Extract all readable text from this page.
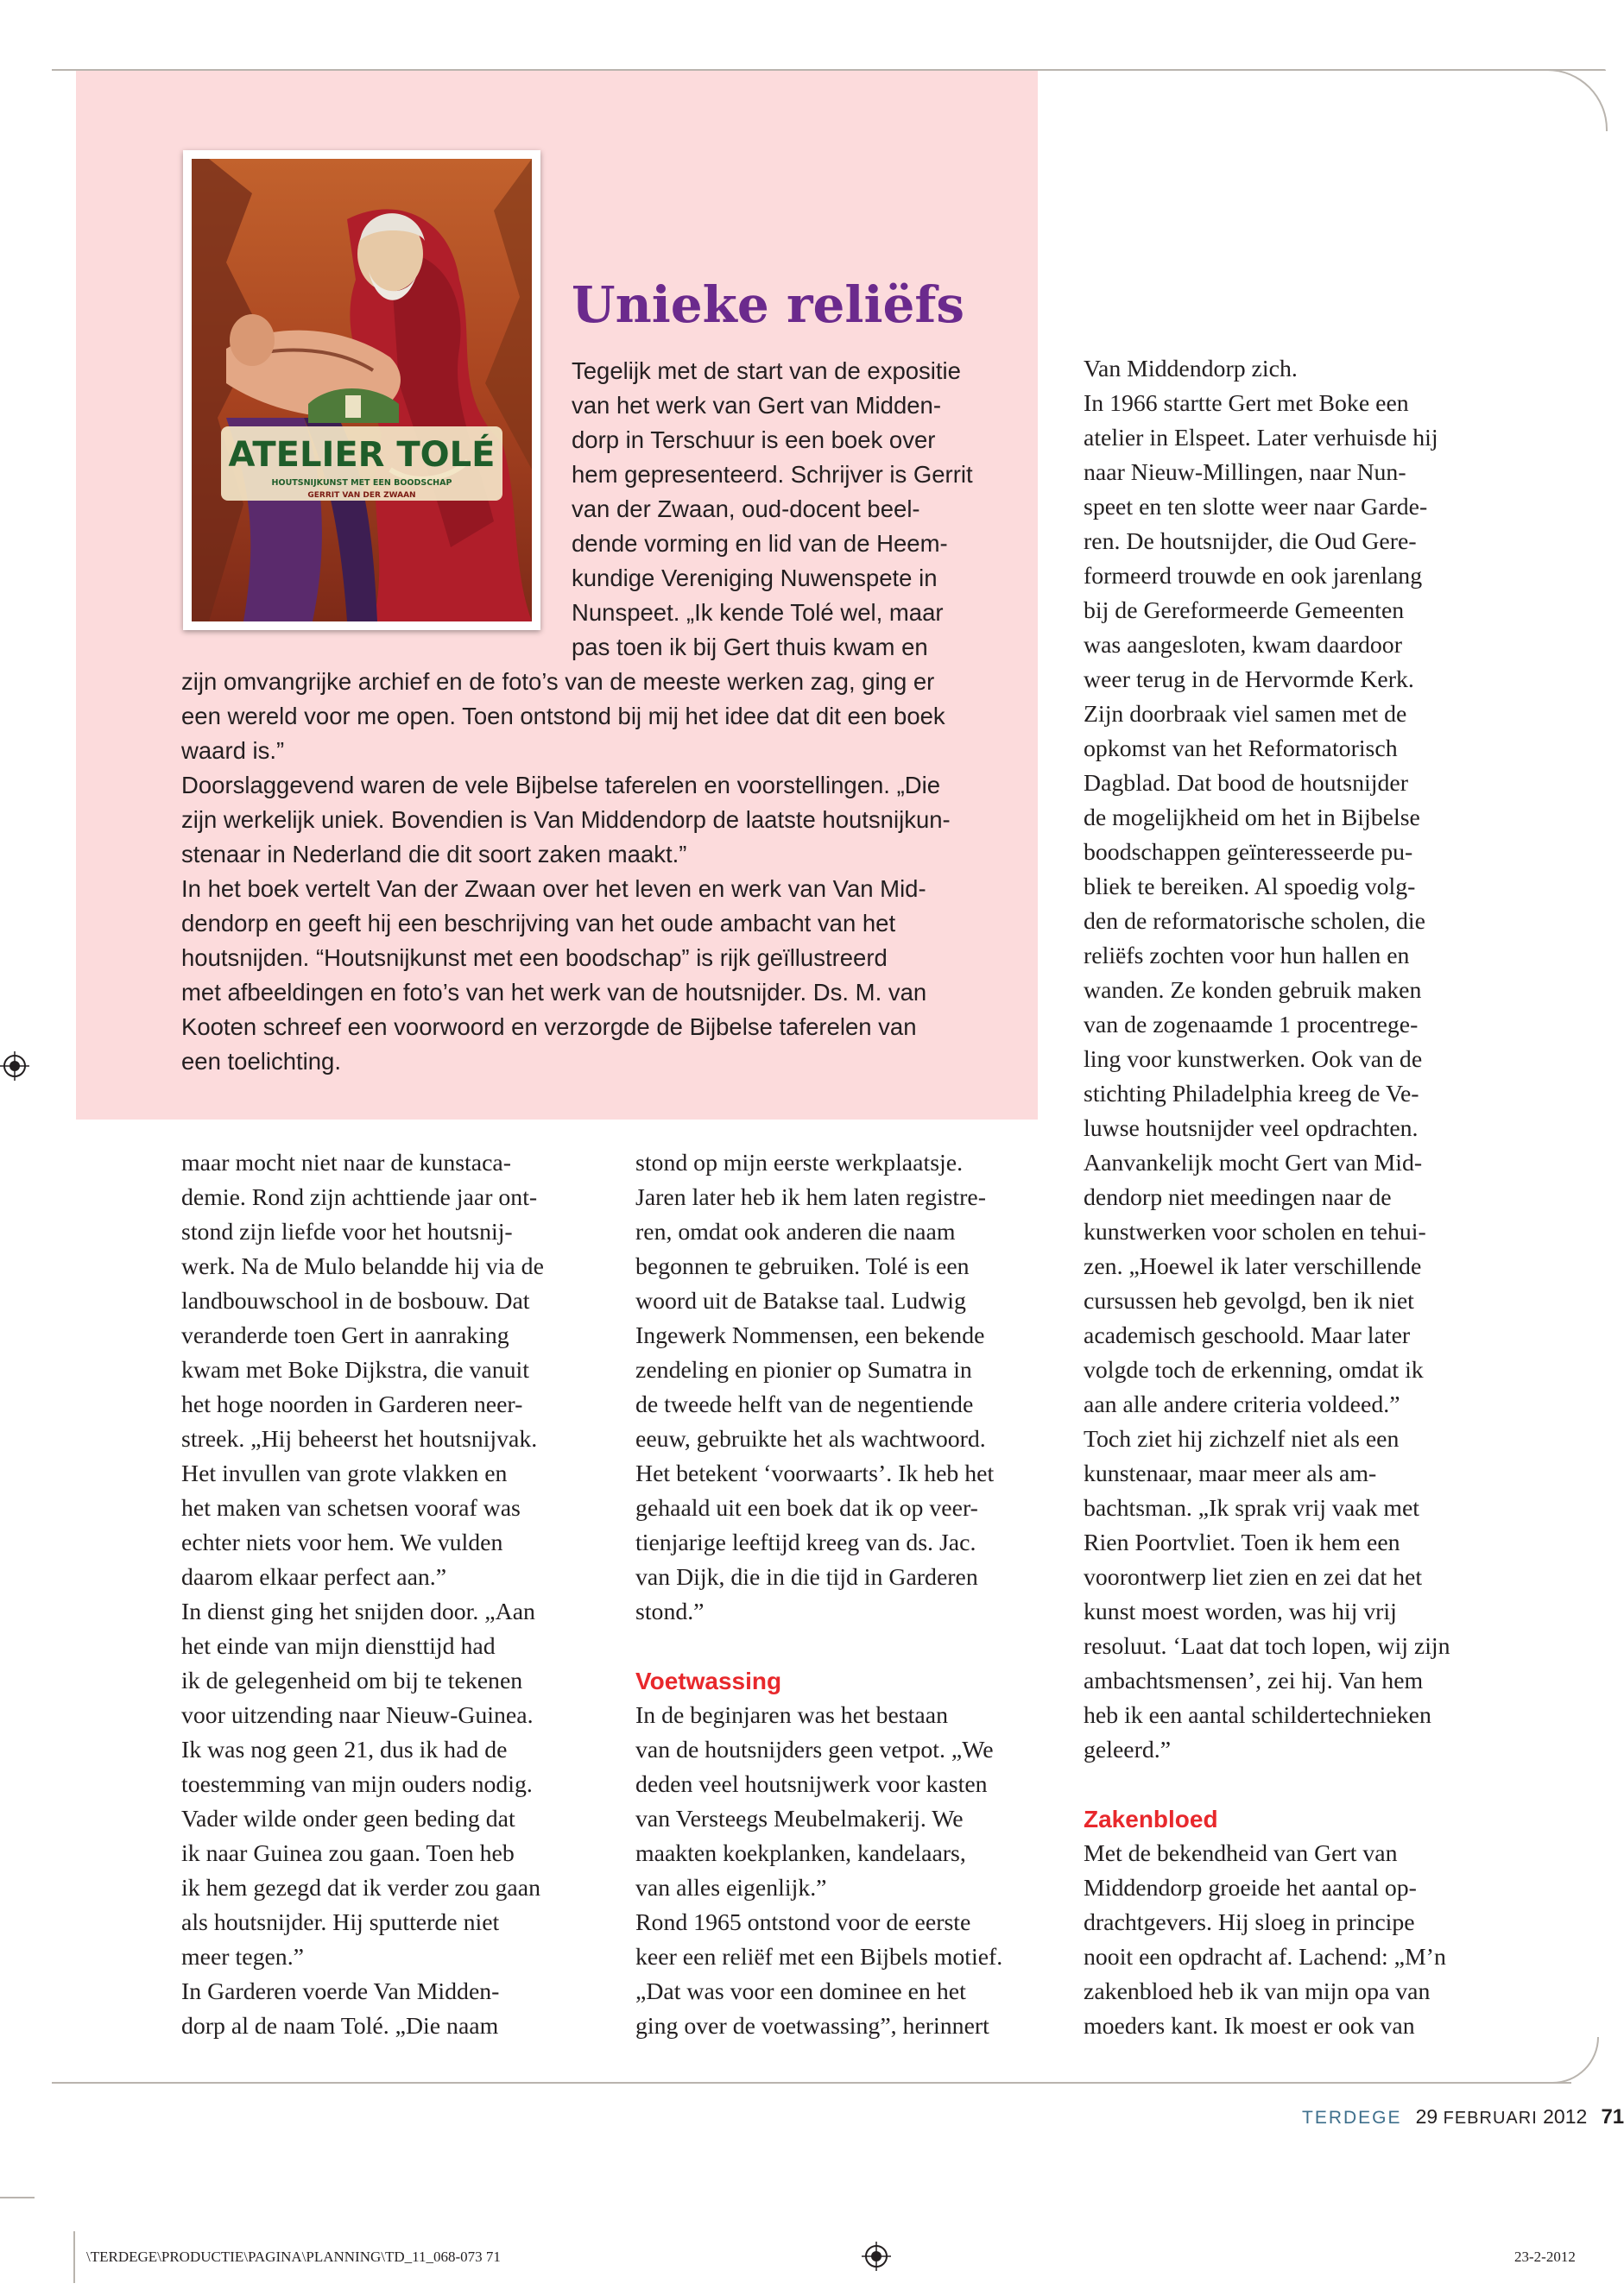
ATELIER TOLÉ
HOUTSNIJKUNST MET EEN BOODSCHAP
GERRIT VAN DER ZWAAN
Unieke reliëfs
Tegelijk met de start van de expositie
van het werk van Gert van Midden-
dorp in Terschuur is een boek over
hem gepresenteerd. Schrijver is Gerrit
van der Zwaan, oud-docent beel-
dende vorming en lid van de Heem-
kundige Vereniging Nuwenspete in
Nunspeet. „Ik kende Tolé wel, maar
pas toen ik bij Gert thuis kwam en
zijn omvangrijke archief en de foto’s van de meeste werken zag, ging er
een wereld voor me open. Toen ontstond bij mij het idee dat dit een boek
waard is.”
Doorslaggevend waren de vele Bijbelse taferelen en voorstellingen. „Die
zijn werkelijk uniek. Bovendien is Van Middendorp de laatste houtsnijkun-
stenaar in Nederland die dit soort zaken maakt.”
In het boek vertelt Van der Zwaan over het leven en werk van Van Mid-
dendorp en geeft hij een beschrijving van het oude ambacht van het
houtsnijden. “Houtsnijkunst met een boodschap” is rijk geïllustreerd
met afbeeldingen en foto’s van het werk van de houtsnijder. Ds. M. van
Kooten schreef een voorwoord en verzorgde de Bijbelse taferelen van
een toelichting.
maar mocht niet naar de kunstaca-
demie. Rond zijn achttiende jaar ont-
stond zijn liefde voor het houtsnij-
werk. Na de Mulo belandde hij via de
landbouwschool in de bosbouw. Dat
veranderde toen Gert in aanraking
kwam met Boke Dijkstra, die vanuit
het hoge noorden in Garderen neer-
streek. „Hij beheerst het houtsnijvak.
Het invullen van grote vlakken en
het maken van schetsen vooraf was
echter niets voor hem. We vulden
daarom elkaar perfect aan.”
In dienst ging het snijden door. „Aan
het einde van mijn diensttijd had
ik de gelegenheid om bij te tekenen
voor uitzending naar Nieuw-Guinea.
Ik was nog geen 21, dus ik had de
toestemming van mijn ouders nodig.
Vader wilde onder geen beding dat
ik naar Guinea zou gaan. Toen heb
ik hem gezegd dat ik verder zou gaan
als houtsnijder. Hij sputterde niet
meer tegen.”
In Garderen voerde Van Midden-
dorp al de naam Tolé. „Die naam
stond op mijn eerste werkplaatsje.
Jaren later heb ik hem laten registre-
ren, omdat ook anderen die naam
begonnen te gebruiken. Tolé is een
woord uit de Batakse taal. Ludwig
Ingewerk Nommensen, een bekende
zendeling en pionier op Sumatra in
de tweede helft van de negentiende
eeuw, gebruikte het als wachtwoord.
Het betekent ‘voorwaarts’. Ik heb het
gehaald uit een boek dat ik op veer-
tienjarige leeftijd kreeg van ds. Jac.
van Dijk, die in die tijd in Garderen
stond.”
Voetwassing
In de beginjaren was het bestaan
van de houtsnijders geen vetpot. „We
deden veel houtsnijwerk voor kasten
van Versteegs Meubelmakerij. We
maakten koekplanken, kandelaars,
van alles eigenlijk.”
Rond 1965 ontstond voor de eerste
keer een reliëf met een Bijbels motief.
„Dat was voor een dominee en het
ging over de voetwassing”, herinnert
Van Middendorp zich.
In 1966 startte Gert met Boke een
atelier in Elspeet. Later verhuisde hij
naar Nieuw-Millingen, naar Nun-
speet en ten slotte weer naar Garde-
ren. De houtsnijder, die Oud Gere-
formeerd trouwde en ook jarenlang
bij de Gereformeerde Gemeenten
was aangesloten, kwam daardoor
weer terug in de Hervormde Kerk.
Zijn doorbraak viel samen met de
opkomst van het Reformatorisch
Dagblad. Dat bood de houtsnijder
de mogelijkheid om het in Bijbelse
boodschappen geïnteresseerde pu-
bliek te bereiken. Al spoedig volg-
den de reformatorische scholen, die
reliëfs zochten voor hun hallen en
wanden. Ze konden gebruik maken
van de zogenaamde 1 procentrege-
ling voor kunstwerken. Ook van de
stichting Philadelphia kreeg de Ve-
luwse houtsnijder veel opdrachten.
Aanvankelijk mocht Gert van Mid-
dendorp niet meedingen naar de
kunstwerken voor scholen en tehui-
zen. „Hoewel ik later verschillende
cursussen heb gevolgd, ben ik niet
academisch geschoold. Maar later
volgde toch de erkenning, omdat ik
aan alle andere criteria voldeed.”
Toch ziet hij zichzelf niet als een
kunstenaar, maar meer als am-
bachtsman. „Ik sprak vrij vaak met
Rien Poortvliet. Toen ik hem een
voorontwerp liet zien en zei dat het
kunst moest worden, was hij vrij
resoluut. ‘Laat dat toch lopen, wij zijn
ambachtsmensen’, zei hij. Van hem
heb ik een aantal schildertechnieken
geleerd.”
Zakenbloed
Met de bekendheid van Gert van
Middendorp groeide het aantal op-
drachtgevers. Hij sloeg in principe
nooit een opdracht af. Lachend: „M’n
zakenbloed heb ik van mijn opa van
moeders kant. Ik moest er ook van
TERDEGE 29 FEBRUARI 2012 71
\TERDEGE\PRODUCTIE\PAGINA\PLANNING\TD_11_068-073 71	23-2-2012
